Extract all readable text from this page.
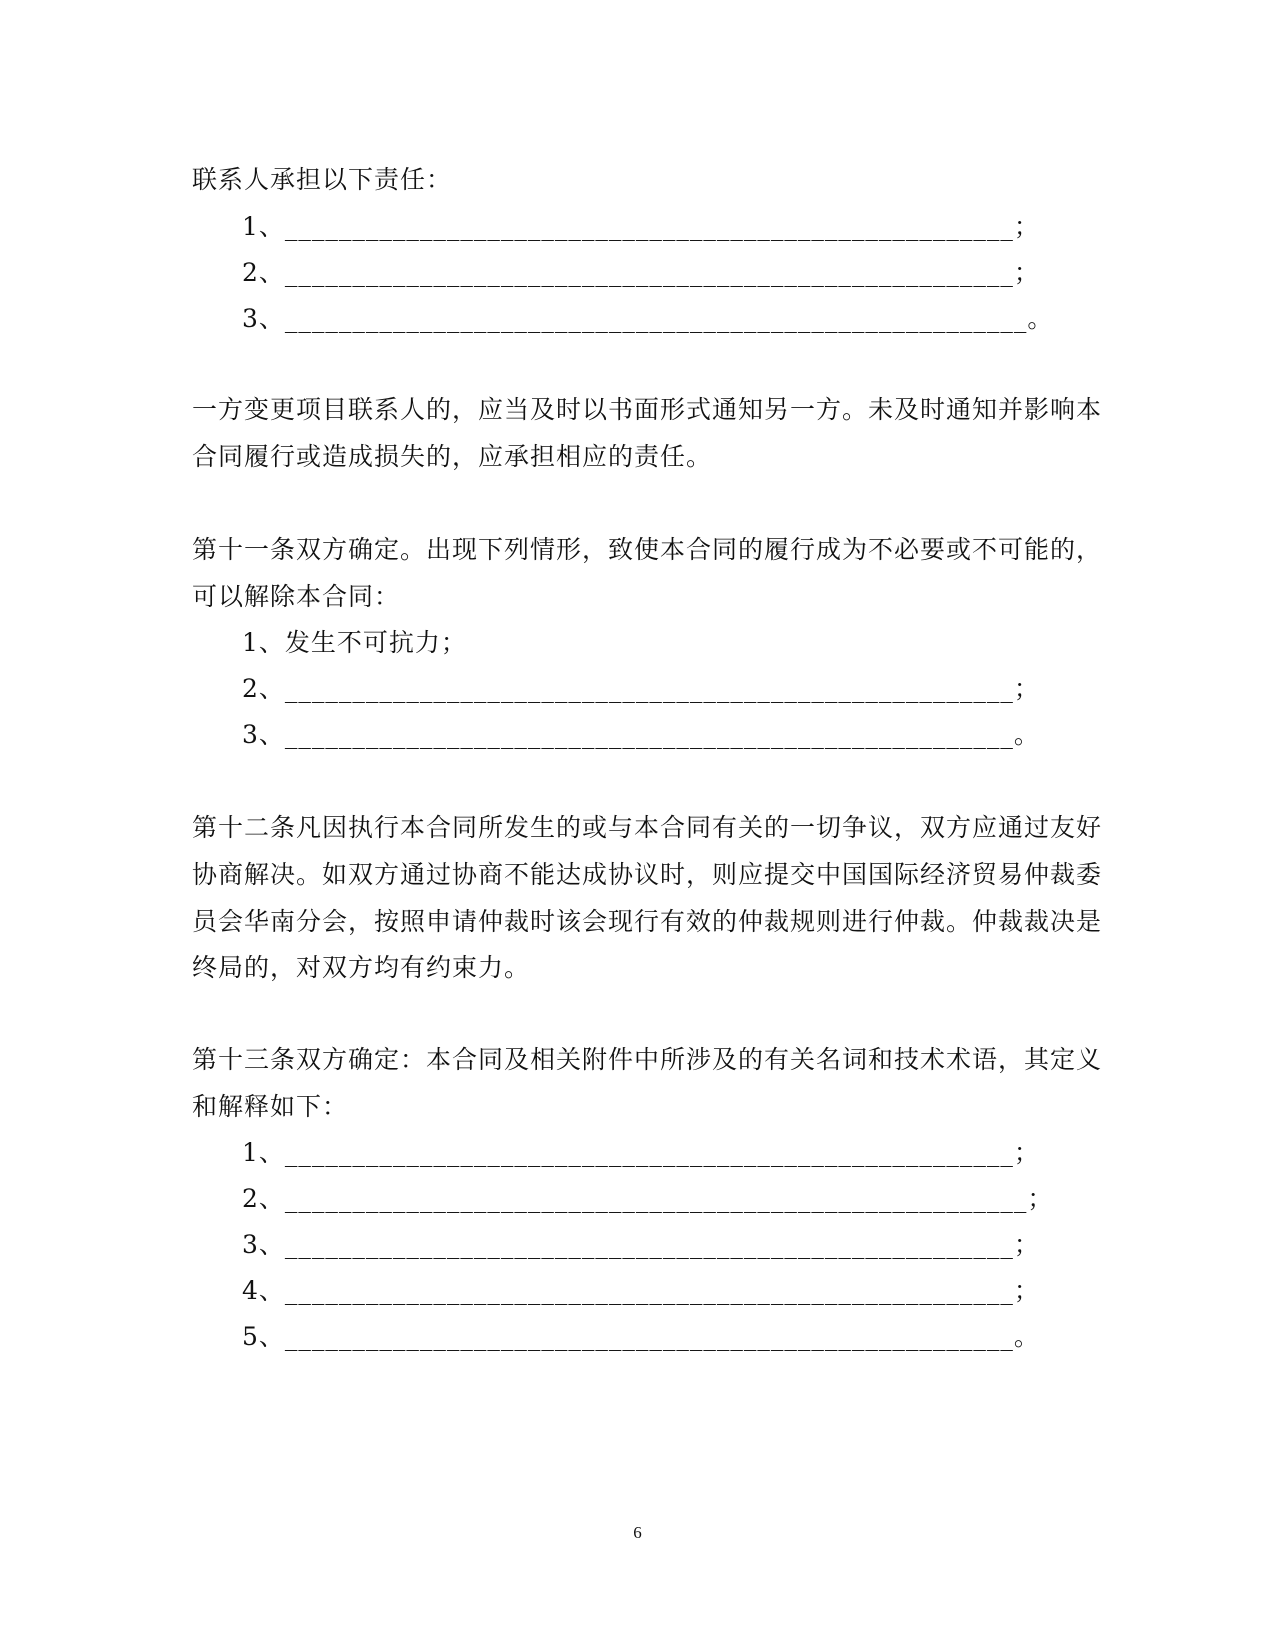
联系人承担以下责任：
1、______________________________________________________；
2、______________________________________________________；
3、_______________________________________________________。
一方变更项目联系人的，应当及时以书面形式通知另一方。未及时通知并影响本
合同履行或造成损失的，应承担相应的责任。
第十一条双方确定。出现下列情形，致使本合同的履行成为不必要或不可能的，
可以解除本合同：
1、发生不可抗力；
2、______________________________________________________；
3、______________________________________________________。
第十二条凡因执行本合同所发生的或与本合同有关的一切争议，双方应通过友好
协商解决。如双方通过协商不能达成协议时，则应提交中国国际经济贸易仲裁委
员会华南分会，按照申请仲裁时该会现行有效的仲裁规则进行仲裁。仲裁裁决是
终局的，对双方均有约束力。
第十三条双方确定：本合同及相关附件中所涉及的有关名词和技术术语，其定义
和解释如下：
1、______________________________________________________；
2、_______________________________________________________；
3、______________________________________________________；
4、______________________________________________________；
5、______________________________________________________。
6
